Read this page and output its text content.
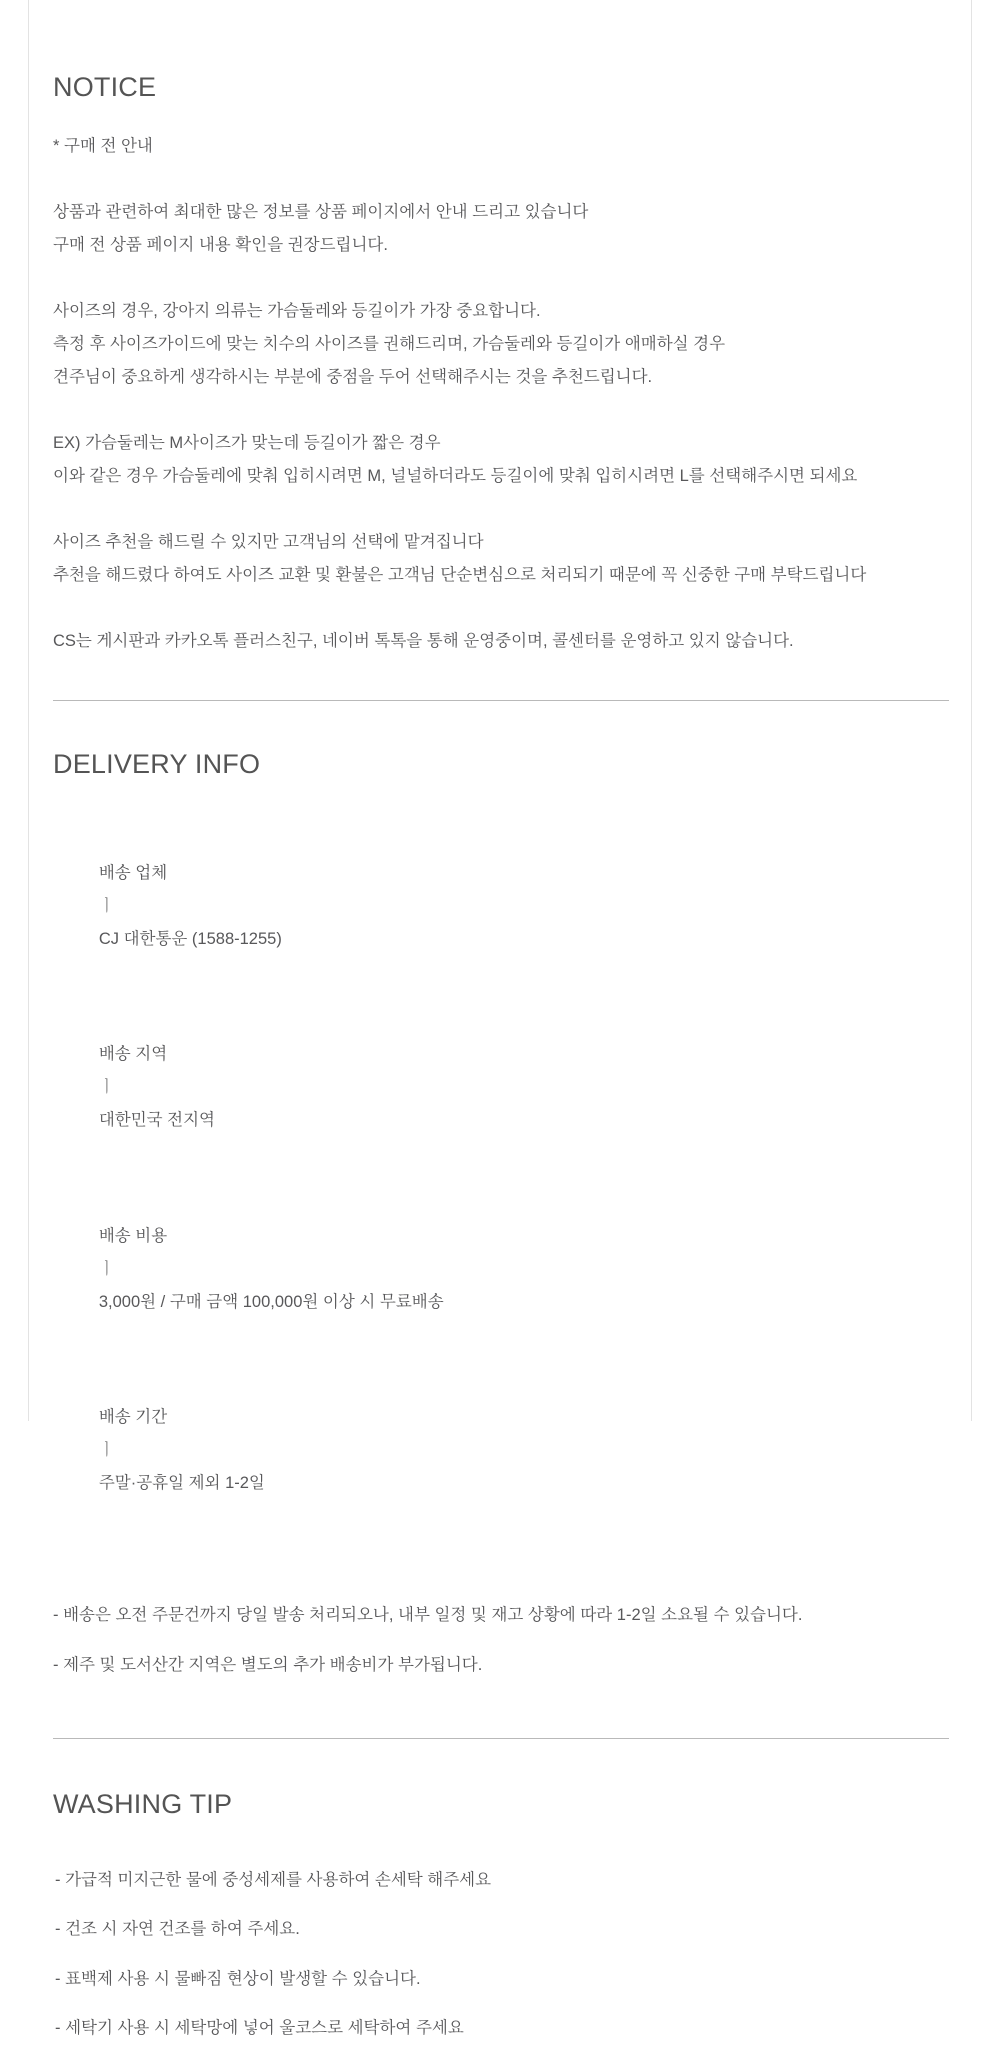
NOTICE

* 구매 전 안내

상품과 관련하여 최대한 많은 정보를 상품 페이지에서 안내 드리고 있습니다

구매 전 상품 페이지 내용 확인을 권장드립니다.

사이즈의 경우, 강아지 의류는 가슴둘레와 등길이가 가장 중요합니다.

측정 후 사이즈가이드에 맞는 치수의 사이즈를 권해드리며, 가슴둘레와 등길이가 애매하실 경우

견주님이 중요하게 생각하시는 부분에 중점을 두어 선택해주시는 것을 추천드립니다.

EX) 가슴둘레는 M사이즈가 맞는데 등길이가 짧은 경우

이와 같은 경우 가슴둘레에 맞춰 입히시려면 M, 널널하더라도 등길이에 맞춰 입히시려면 L를 선택해주시면 되세요

사이즈 추천을 해드릴 수 있지만 고객님의 선택에 맡겨집니다

추천을 해드렸다 하여도 사이즈 교환 및 환불은 고객님 단순변심으로 처리되기 때문에 꼭 신중한 구매 부탁드립니다

CS는 게시판과 카카오톡 플러스친구, 네이버 톡톡을 통해 운영중이며, 콜센터를 운영하고 있지 않습니다.

DELIVERY INFO

배송 업체
ㅣ
CJ 대한통운 (1588-1255)

배송 지역
ㅣ
대한민국 전지역

배송 비용
ㅣ
3,000원 / 구매 금액 100,000원 이상 시 무료배송

배송 기간
ㅣ
주말·공휴일 제외 1-2일

- 배송은 오전 주문건까지 당일 발송 처리되오나, 내부 일정 및 재고 상황에 따라 1-2일 소요될 수 있습니다.

- 제주 및 도서산간 지역은 별도의 추가 배송비가 부가됩니다.

WASHING TIP

- 가급적 미지근한 물에 중성세제를 사용하여 손세탁 해주세요

- 건조 시 자연 건조를 하여 주세요.

- 표백제 사용 시 물빠짐 현상이 발생할 수 있습니다.

- 세탁기 사용 시 세탁망에 넣어 울코스로 세탁하여 주세요
